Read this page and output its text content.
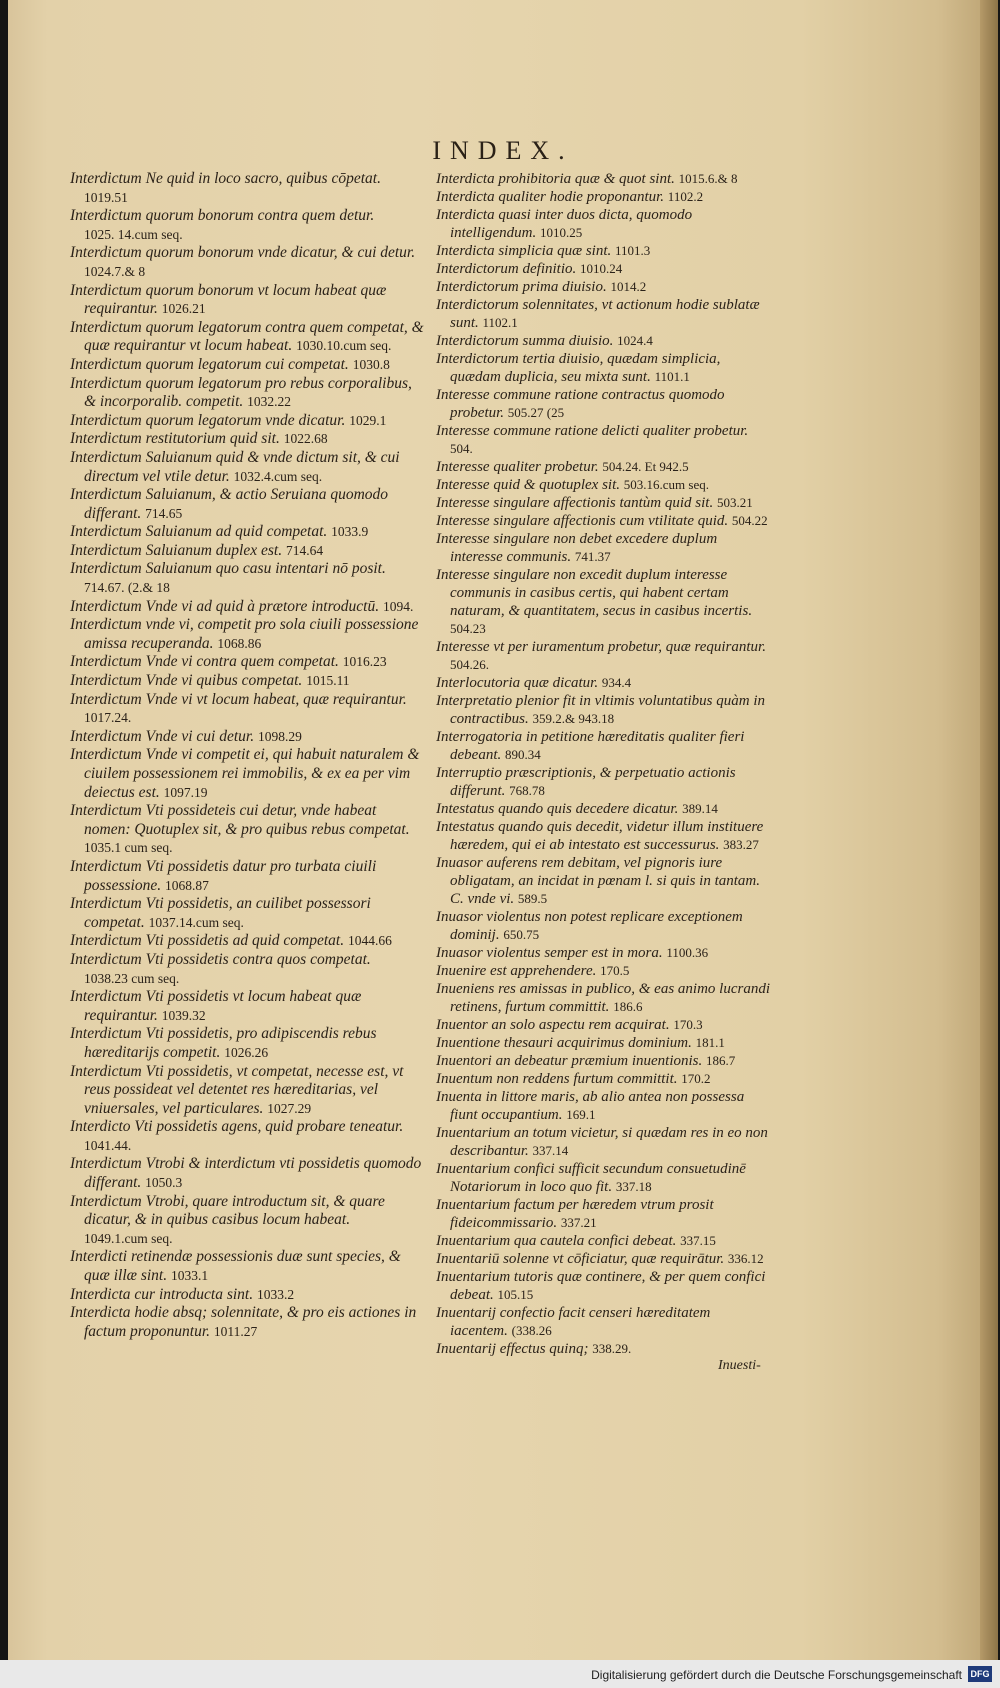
INDEX.
Interdictum Ne quid in loco sacro, quibus cōpetat. 1019.51
Interdictum quorum bonorum contra quem detur. 1025. 14.cum seq.
Interdictum quorum bonorum vnde dicatur, & cui detur. 1024.7.& 8
Interdictum quorum bonorum vt locum habeat quæ requirantur. 1026.21
Interdictum quorum legatorum contra quem competat, & quæ requirantur vt locum habeat. 1030.10.cum seq.
Interdictum quorum legatorum cui competat. 1030.8
Interdictum quorum legatorum pro rebus corporalibus, & incorporalib. competit. 1032.22
Interdictum quorum legatorum vnde dicatur. 1029.1
Interdictum restitutorium quid sit. 1022.68
Interdictum Saluianum quid & vnde dictum sit, & cui directum vel vtile detur. 1032.4.cum seq.
Interdictum Saluianum, & actio Seruiana quomodo differant. 714.65
Interdictum Saluianum ad quid competat. 1033.9
Interdictum Saluianum duplex est. 714.64
Interdictum Saluianum quo casu intentari nō posit. 714.67. (2.& 18
Interdictum Vnde vi ad quid à prætore introductū. 1094.
Interdictum vnde vi, competit pro sola ciuili possessione amissa recuperanda. 1068.86
Interdictum Vnde vi contra quem competat. 1016.23
Interdictum Vnde vi quibus competat. 1015.11
Interdictum Vnde vi vt locum habeat, quæ requirantur. 1017.24.
Interdictum Vnde vi cui detur. 1098.29
Interdictum Vnde vi competit ei, qui habuit naturalem & ciuilem possessionem rei immobilis, & ex ea per vim deiectus est. 1097.19
Interdictum Vti possideteis cui detur, vnde habeat nomen: Quotuplex sit, & pro quibus rebus competat. 1035.1 cum seq.
Interdictum Vti possidetis datur pro turbata ciuili possessione. 1068.87
Interdictum Vti possidetis, an cuilibet possessori competat. 1037.14.cum seq.
Interdictum Vti possidetis ad quid competat. 1044.66
Interdictum Vti possidetis contra quos competat. 1038.23 cum seq.
Interdictum Vti possidetis vt locum habeat quæ requirantur. 1039.32
Interdictum Vti possidetis, pro adipiscendis rebus hæreditarijs competit. 1026.26
Interdictum Vti possidetis, vt competat, necesse est, vt reus possideat vel detentet res hæreditarias, vel vniuersales, vel particulares. 1027.29
Interdicto Vti possidetis agens, quid probare teneatur. 1041.44.
Interdictum Vtrobi & interdictum vti possidetis quomodo differant. 1050.3
Interdictum Vtrobi, quare introductum sit, & quare dicatur, & in quibus casibus locum habeat. 1049.1.cum seq.
Interdicti retinendæ possessionis duæ sunt species, & quæ illæ sint. 1033.1
Interdicta cur introducta sint. 1033.2
Interdicta hodie absq; solennitate, & pro eis actiones in factum proponuntur. 1011.27
Interdicta prohibitoria quæ & quot sint. 1015.6.& 8
Interdicta qualiter hodie proponantur. 1102.2
Interdicta quasi inter duos dicta, quomodo intelligendum. 1010.25
Interdicta simplicia quæ sint. 1101.3
Interdictorum definitio. 1010.24
Interdictorum prima diuisio. 1014.2
Interdictorum solennitates, vt actionum hodie sublatæ sunt. 1102.1
Interdictorum summa diuisio. 1024.4
Interdictorum tertia diuisio, quædam simplicia, quædam duplicia, seu mixta sunt. 1101.1
Interesse commune ratione contractus quomodo probetur. 505.27 (25
Interesse commune ratione delicti qualiter probetur. 504.
Interesse qualiter probetur. 504.24. Et 942.5
Interesse quid & quotuplex sit. 503.16.cum seq.
Interesse singulare affectionis tantùm quid sit. 503.21
Interesse singulare affectionis cum vtilitate quid. 504.22
Interesse singulare non debet excedere duplum interesse communis. 741.37
Interesse singulare non excedit duplum interesse communis in casibus certis, qui habent certam naturam, & quantitatem, secus in casibus incertis. 504.23
Interesse vt per iuramentum probetur, quæ requirantur. 504.26.
Interlocutoria quæ dicatur. 934.4
Interpretatio plenior fit in vltimis voluntatibus quàm in contractibus. 359.2.& 943.18
Interrogatoria in petitione hæreditatis qualiter fieri debeant. 890.34
Interruptio præscriptionis, & perpetuatio actionis differunt. 768.78
Intestatus quando quis decedere dicatur. 389.14
Intestatus quando quis decedit, videtur illum instituere hæredem, qui ei ab intestato est successurus. 383.27
Inuasor auferens rem debitam, vel pignoris iure obligatam, an incidat in pœnam l. si quis in tantam. C. vnde vi. 589.5
Inuasor violentus non potest replicare exceptionem dominij. 650.75
Inuasor violentus semper est in mora. 1100.36
Inuenire est apprehendere. 170.5
Inueniens res amissas in publico, & eas animo lucrandi retinens, furtum committit. 186.6
Inuentor an solo aspectu rem acquirat. 170.3
Inuentione thesauri acquirimus dominium. 181.1
Inuentori an debeatur præmium inuentionis. 186.7
Inuentum non reddens furtum committit. 170.2
Inuenta in littore maris, ab alio antea non possessa fiunt occupantium. 169.1
Inuentarium an totum vicietur, si quædam res in eo non describantur. 337.14
Inuentarium confici sufficit secundum consuetudinē Notariorum in loco quo fit. 337.18
Inuentarium factum per hæredem vtrum prosit fideicommissario. 337.21
Inuentarium qua cautela confici debeat. 337.15
Inuentariū solenne vt cōficiatur, quæ requirātur. 336.12
Inuentarium tutoris quæ continere, & per quem confici debeat. 105.15
Inuentarij confectio facit censeri hæreditatem iacentem. (338.26
Inuentarij effectus quinq; 338.29.
Inuesti-
Digitalisierung gefördert durch die Deutsche Forschungsgemeinschaft DFG
